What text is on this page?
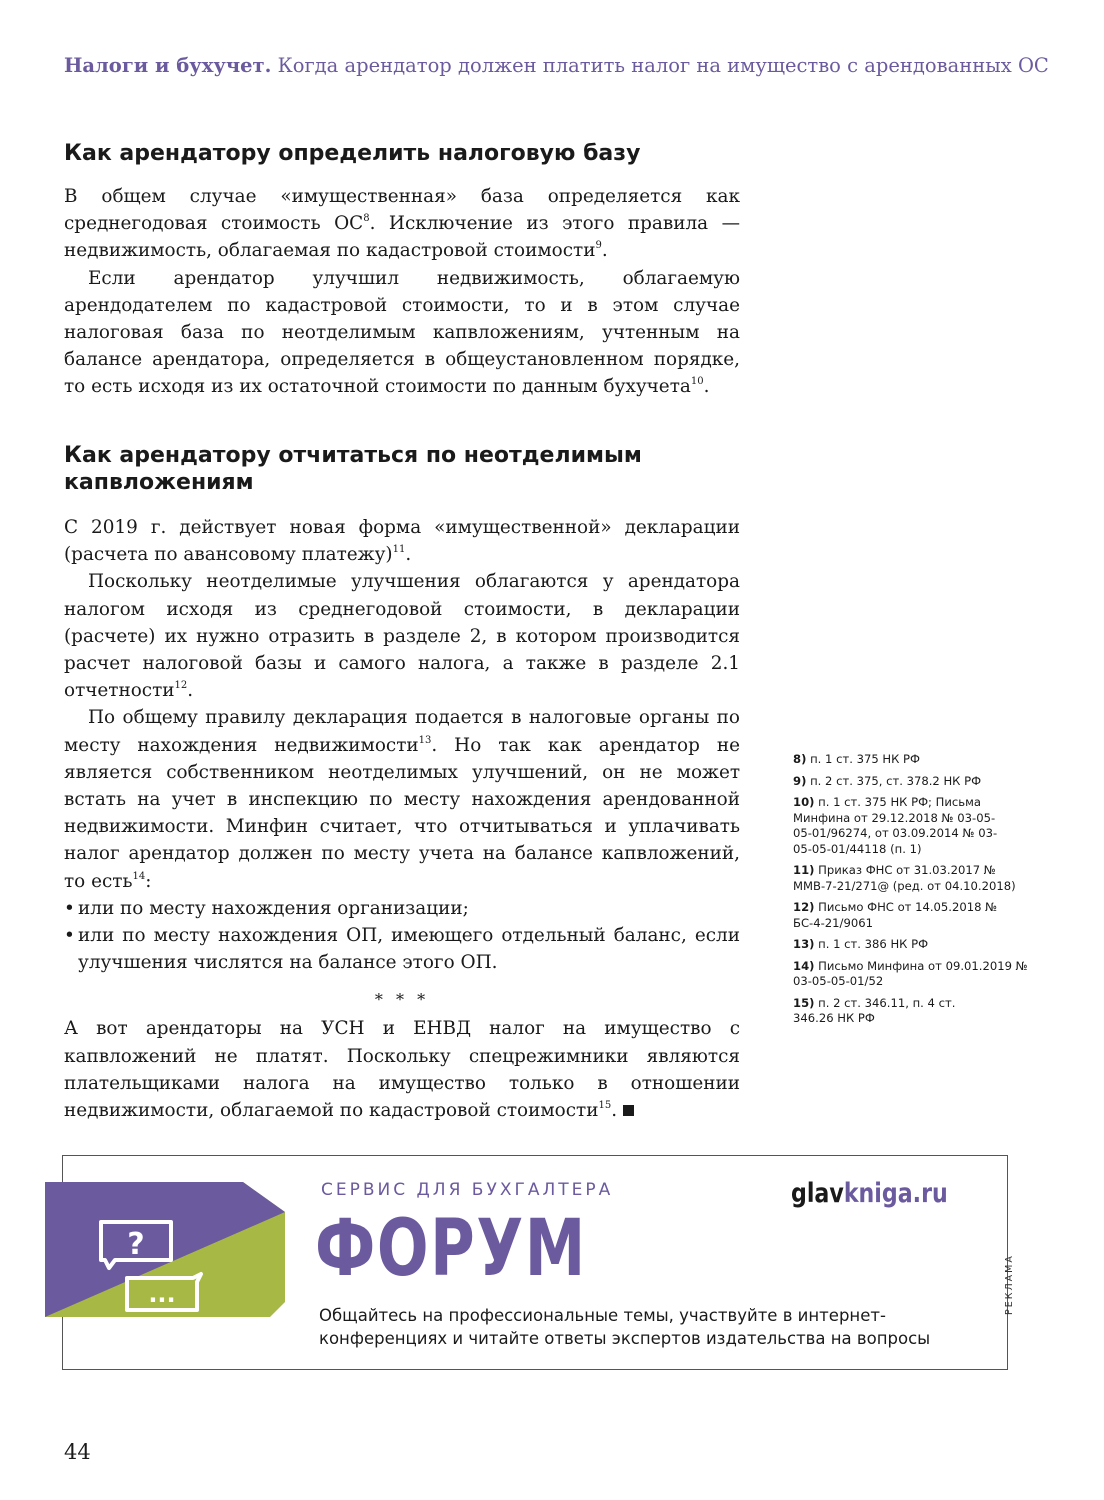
Налоги и бухучет. Когда арендатор должен платить налог на имущество с арендованных ОС
Как арендатору определить налоговую базу

В общем случае «имущественная» база определяется как среднегодовая стоимость $ОС^8$. Исключение из этого правила — недвижимость, облагаемая по кадастровой стоимости$^9$.

Если арендатор улучшил недвижимость, облагаемую арендодателем по кадастровой стоимости, то и в этом случае налоговая база по неотделимым капвложениям, учтенным на балансе арендатора, определяется в общеустановленном порядке, то есть исходя из их остаточной стоимости по данным бухучета$^{10}$.

Как арендатору отчитаться по неотделимым капвложениям

С 2019 г. действует новая форма «имущественной» декларации (расчета по авансовому платежу)$^{11}$.

Поскольку неотделимые улучшения облагаются у арендатора налогом исходя из среднегодовой стоимости, в декларации (расчете) их нужно отразить в разделе 2, в котором производится расчет налоговой базы и самого налога, а также в разделе 2.1 отчетности$^{12}$.

По общему правилу декларация подается в налоговые органы по месту нахождения недвижимости$^{13}$. Но так как арендатор не является собственником неотделимых улучшений, он не может встать на учет в инспекцию по месту нахождения арендованной недвижимости. Минфин считает, что отчитываться и уплачивать налог арендатор должен по месту учета на балансе капвложений, то есть$^{14}$:

• или по месту нахождения организации;
• или по месту нахождения ОП, имеющего отдельный баланс, если улучшения числятся на балансе этого ОП.
* * *

А вот арендаторы на УСН и ЕНВД налог на имущество с капвложений не платят. Поскольку спецрежимники являются плательщиками налога на имущество только в отношении недвижимости, облагаемой по кадастровой стоимости$^{15}$.

8) п. 1 ст. 375 НК РФ
9) п. 2 ст. 375, ст. 378.2 НК РФ
10) п. 1 ст. 375 НК РФ; Письма Минфина от 29.12.2018 № 03-05-05-01/96274, от 03.09.2014 № 03-05-05-01/44118 (п. 1)
11) Приказ ФНС от 31.03.2017 № ММВ-7-21/271@ (ред. от 04.10.2018)
12) Письмо ФНС от 14.05.2018 № БС-4-21/9061
13) п. 1 ст. 386 НК РФ
14) Письмо Минфина от 09.01.2019 № 03-05-05-01/52
15) п. 2 ст. 346.11, п. 4 ст. 346.26 НК РФ
?
...
СЕРВИС ДЛЯ БУХГАЛТЕРА
ФОРУМ
glavkniga.ru
Общайтесь на профессиональные темы, участвуйте в интернет-конференциях и читайте ответы экспертов издательства на вопросы
РЕКЛАМА
44
